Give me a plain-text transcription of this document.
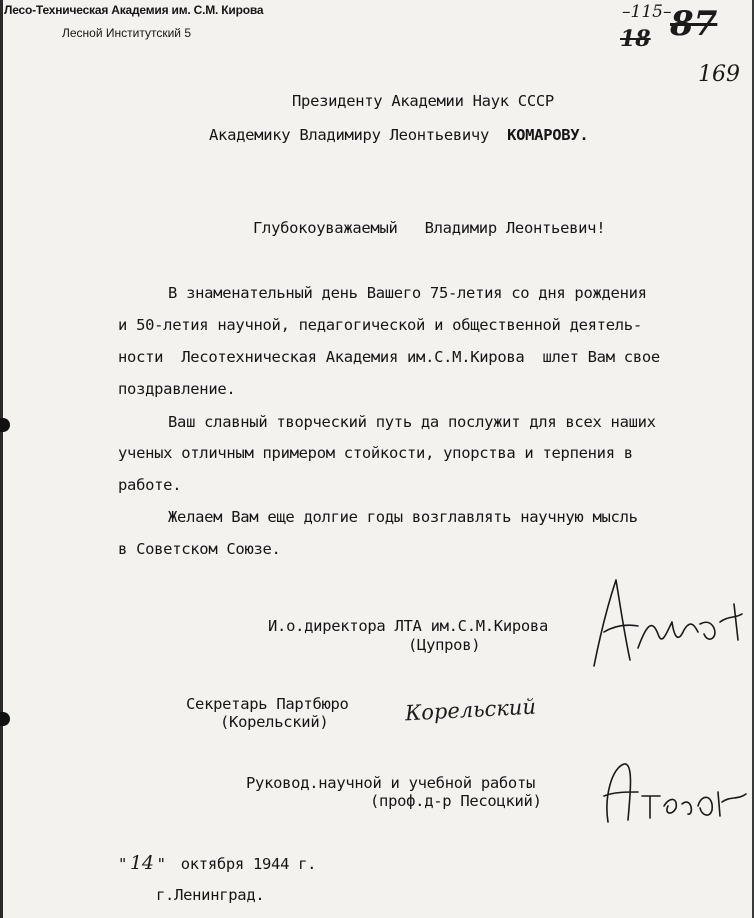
Лесо-Техническая Академия им. С.М. Кирова
Лесной Институтский 5
–115–
18 87
169
Президенту Академии Наук СССР
Академику Владимиру Леонтьевичу КОМАРОВУ.
Глубокоуважаемый   Владимир Леонтьевич!
В знаменательный день Вашего 75-летия со дня рождения
и 50-летия научной, педагогической и общественной деятель-
ности  Лесотехническая Академия им.С.М.Кирова  шлет Вам свое
поздравление.
Ваш славный творческий путь да послужит для всех наших
ученых отличным примером стойкости, упорства и терпения в
работе.
Желаем Вам еще долгие годы возглавлять научную мысль
в Советском Союзе.
И.о.директора ЛТА им.С.М.Кирова
(Цупров)
Секретарь Партбюро
(Корельский)	Корельский
Руковод.научной и учебной работы
(проф.д-р Песоцкий)
" 14 " октября 1944 г.
г.Ленинград.
